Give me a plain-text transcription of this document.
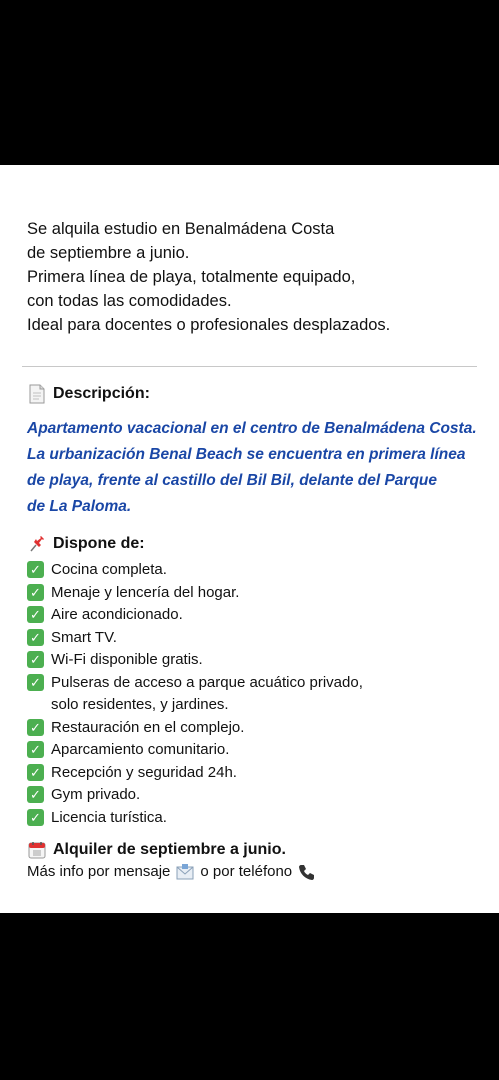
Se alquila estudio en Benalmádena Costa
de septiembre a junio.
Primera línea de playa, totalmente equipado,
con todas las comodidades.
Ideal para docentes o profesionales desplazados.
Descripción:
Apartamento vacacional en el centro de Benalmádena Costa.
La urbanización Benal Beach se encuentra en primera línea
de playa, frente al castillo del Bil Bil, delante del Parque
de La Paloma.
Dispone de:
✓ Cocina completa.
✓ Menaje y lencería del hogar.
✓ Aire acondicionado.
✓ Smart TV.
✓ Wi-Fi disponible gratis.
✓ Pulseras de acceso a parque acuático privado,
solo residentes, y jardines.
✓ Restauración en el complejo.
✓ Aparcamiento comunitario.
✓ Recepción y seguridad 24h.
✓ Gym privado.
✓ Licencia turística.
Alquiler de septiembre a junio.
Más info por mensaje o por teléfono
